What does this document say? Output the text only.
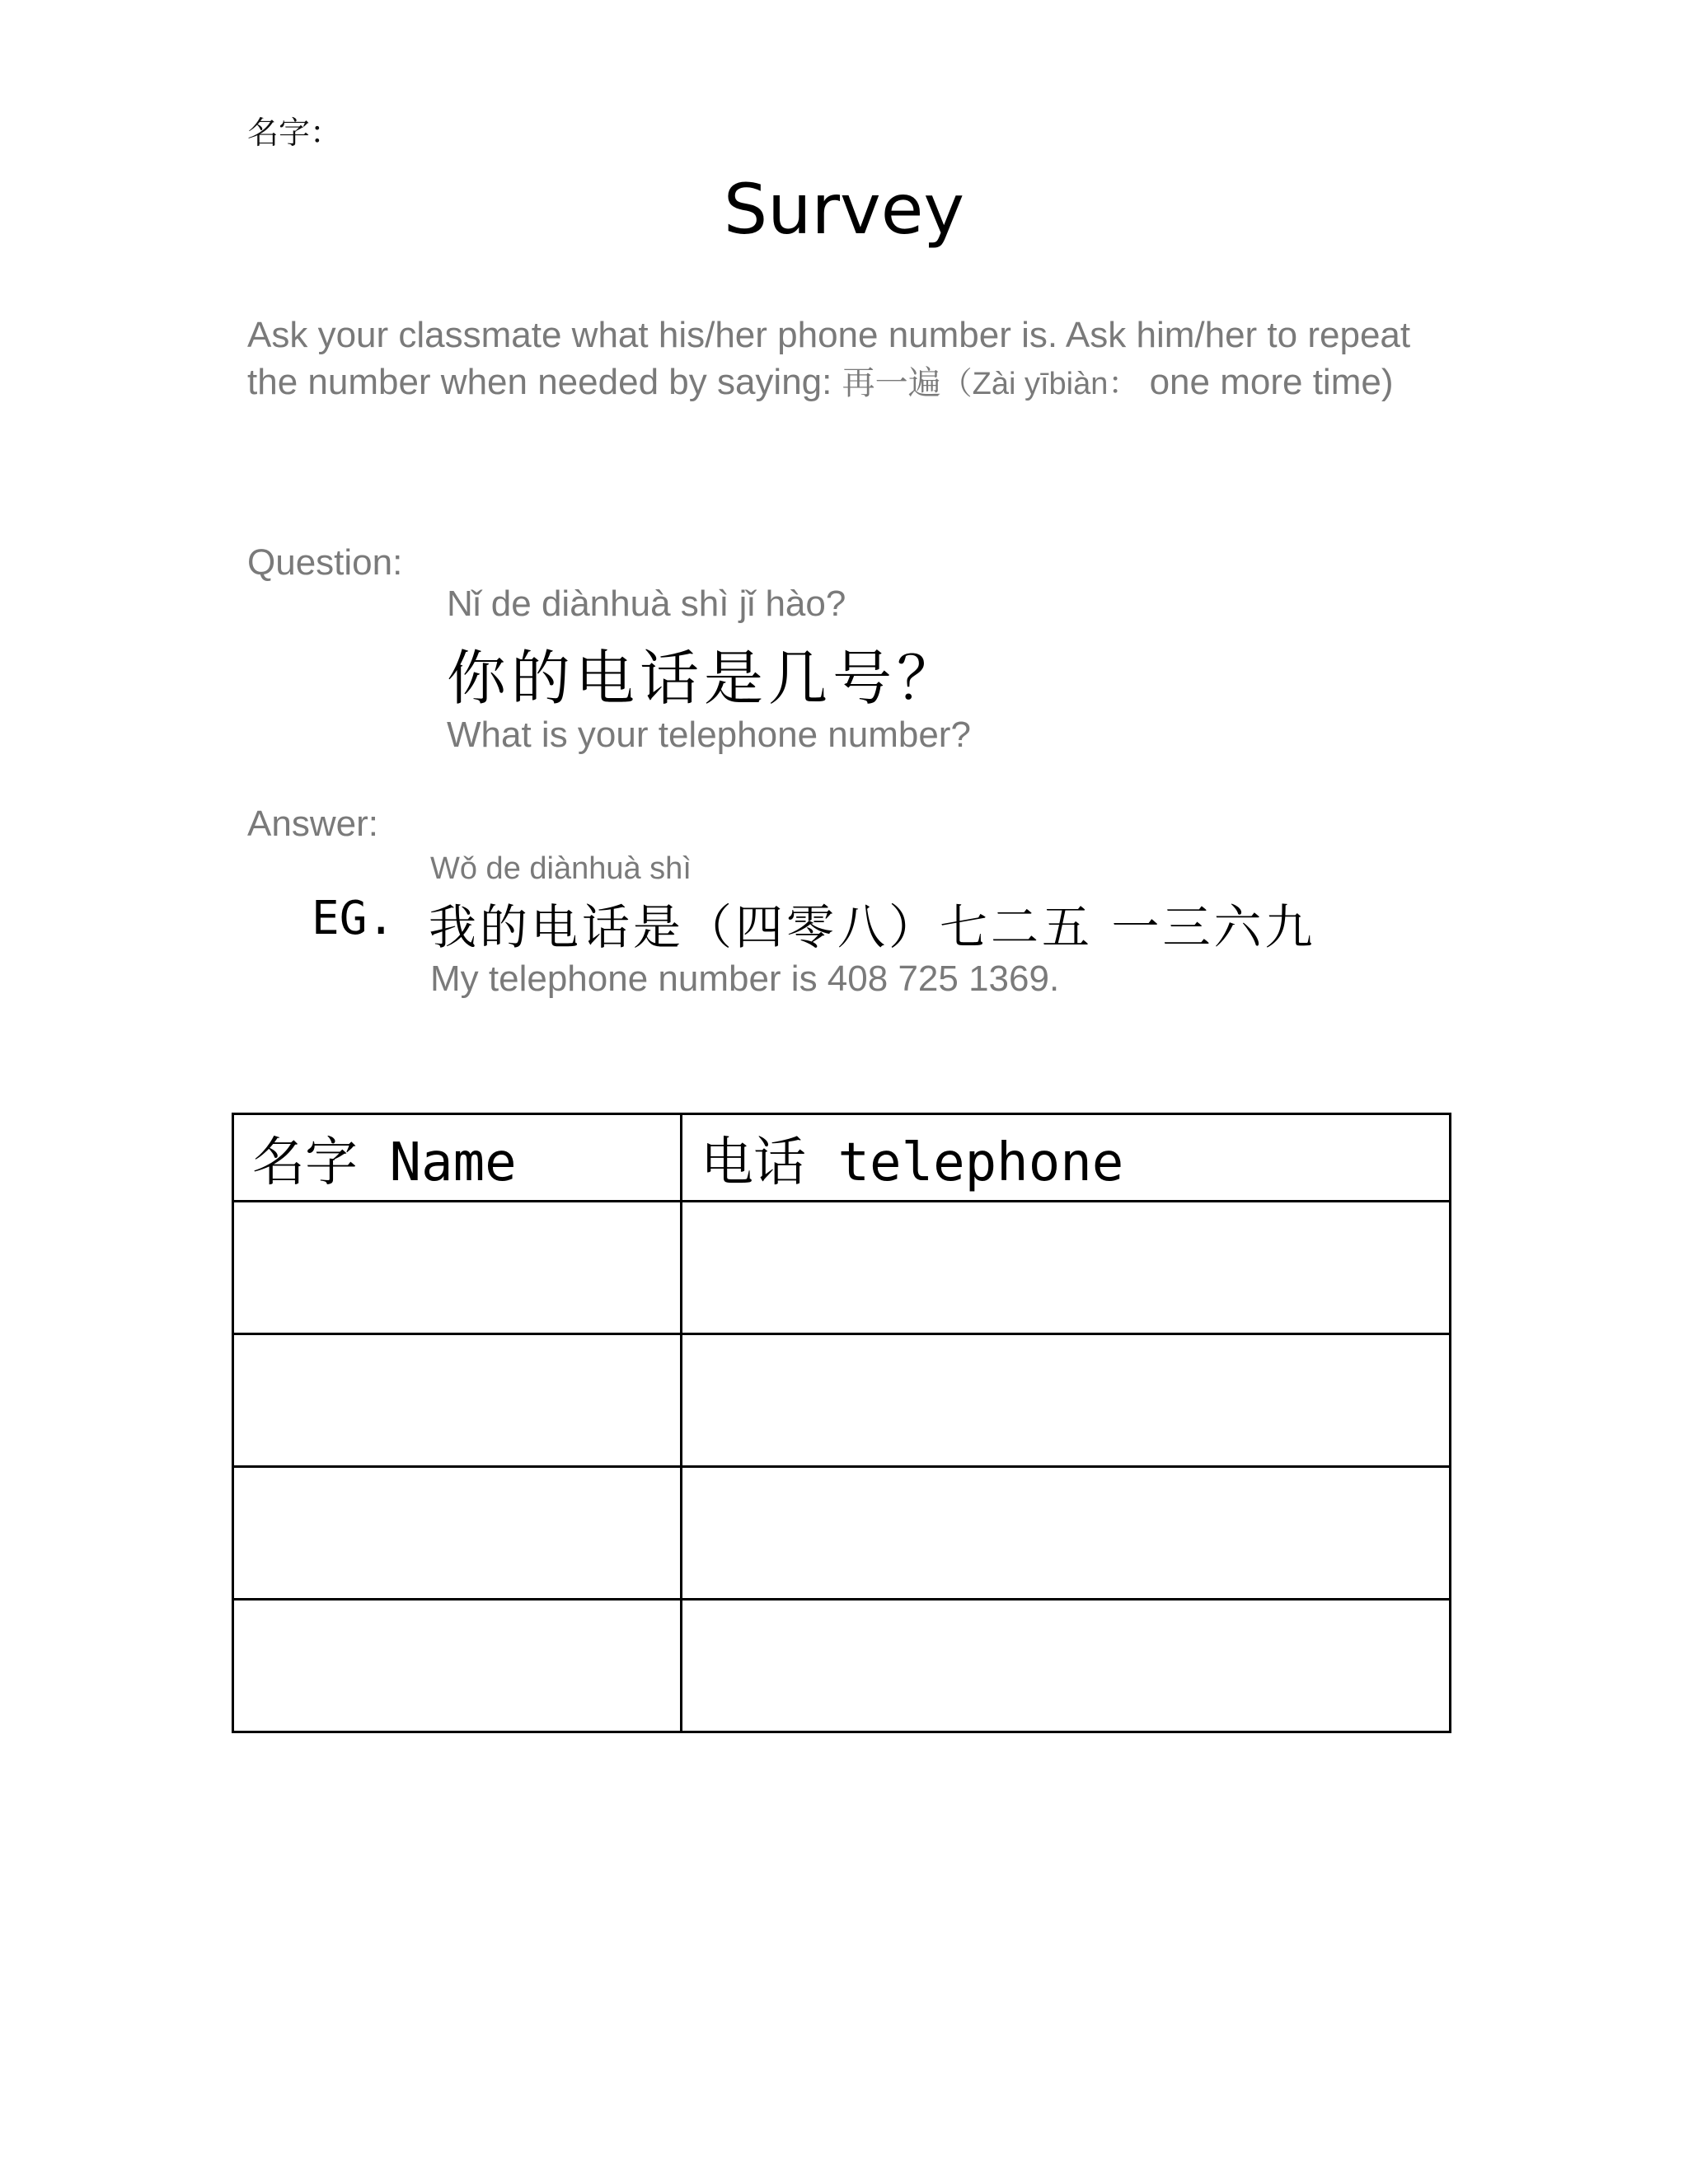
名字：
Survey
Ask your classmate what his/her phone number is. Ask him/her to repeat the number when needed by saying: 再一遍（Zài yībiàn： one more time)
Question:
Nǐ de diànhuà shì jǐ hào?
你的电话是几号？
What is your telephone number?
Answer:
Wǒ de diànhuà shì
EG. 我的电话是（四零八）七二五 一三六九
My telephone number is 408 725 1369.
名字 Name	电话 telephone
